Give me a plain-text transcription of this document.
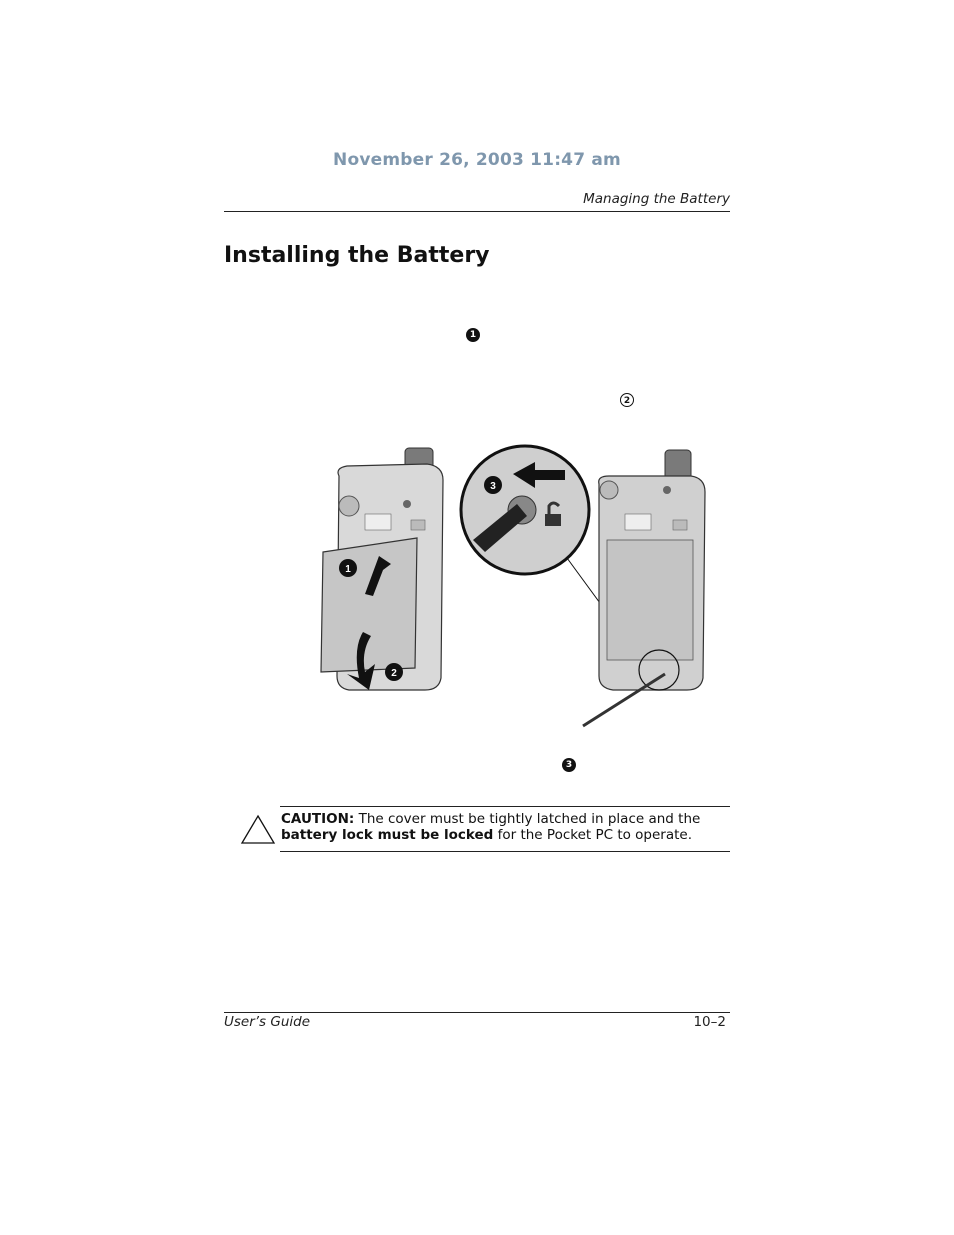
November 26, 2003 11:47 am
Managing the Battery
Installing the Battery
1
2
1
2
3
3
CAUTION: The cover must be tightly latched in place and the battery lock must be locked for the Pocket PC to operate.
User’s Guide	10–2
